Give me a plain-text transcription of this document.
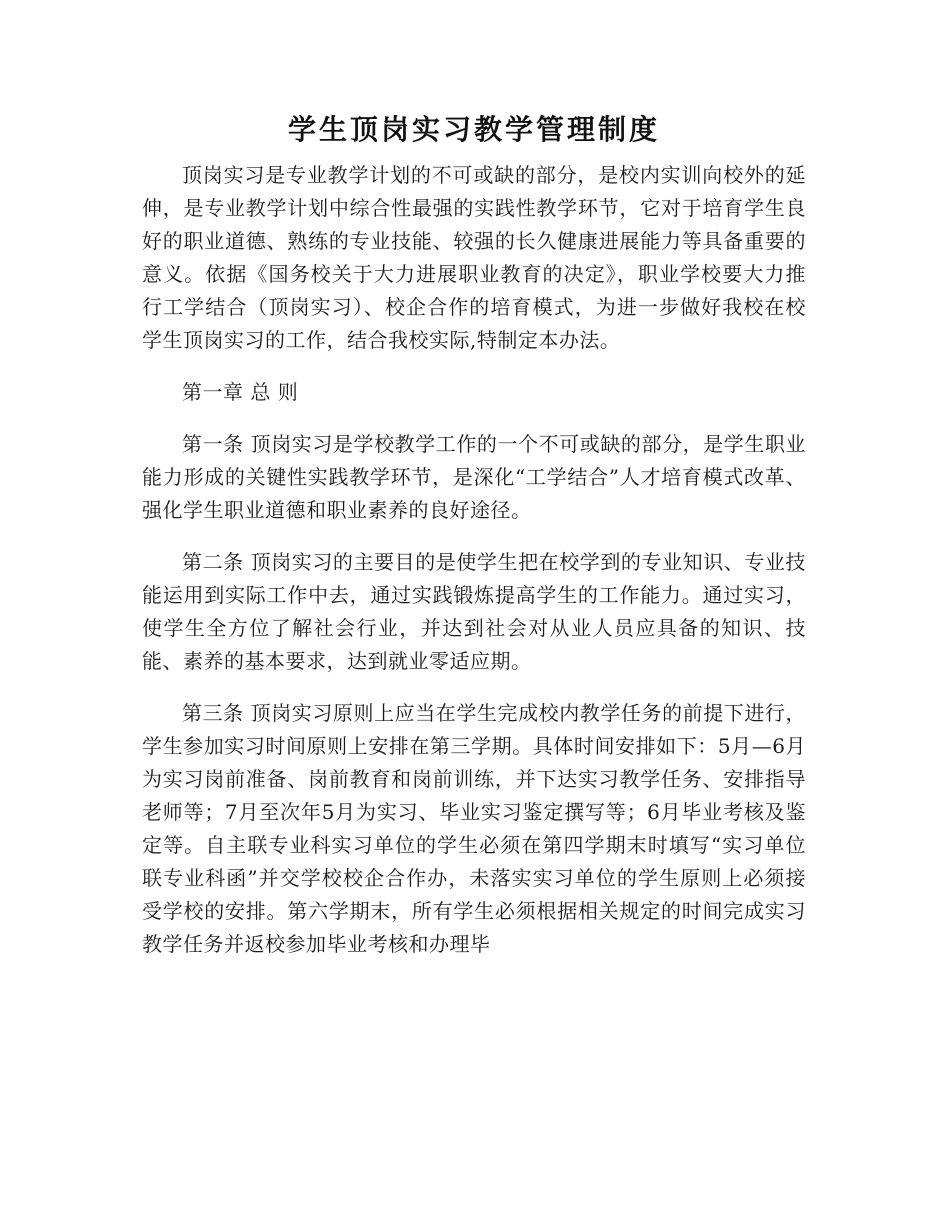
学生顶岗实习教学管理制度

顶岗实习是专业教学计划的不可或缺的部分，是校内实训向校外的延伸，是专业教学计划中综合性最强的实践性教学环节，它对于培育学生良好的职业道德、熟练的专业技能、较强的长久健康进展能力等具备重要的意义。依据《国务校关于大力进展职业教育的决定》，职业学校要大力推行工学结合（顶岗实习）、校企合作的培育模式，为进一步做好我校在校学生顶岗实习的工作，结合我校实际,特制定本办法。

第一章 总 则

第一条 顶岗实习是学校教学工作的一个不可或缺的部分，是学生职业能力形成的关键性实践教学环节，是深化“工学结合”人才培育模式改革、强化学生职业道德和职业素养的良好途径。

第二条 顶岗实习的主要目的是使学生把在校学到的专业知识、专业技能运用到实际工作中去，通过实践锻炼提高学生的工作能力。通过实习，使学生全方位了解社会行业，并达到社会对从业人员应具备的知识、技能、素养的基本要求，达到就业零适应期。

第三条 顶岗实习原则上应当在学生完成校内教学任务的前提下进行，学生参加实习时间原则上安排在第三学期。具体时间安排如下：5月—6月为实习岗前准备、岗前教育和岗前训练，并下达实习教学任务、安排指导老师等；7月至次年5月为实习、毕业实习鉴定撰写等；6月毕业考核及鉴定等。自主联专业科实习单位的学生必须在第四学期末时填写“实习单位联专业科函”并交学校校企合作办，未落实实习单位的学生原则上必须接受学校的安排。第六学期末，所有学生必须根据相关规定的时间完成实习教学任务并返校参加毕业考核和办理毕
